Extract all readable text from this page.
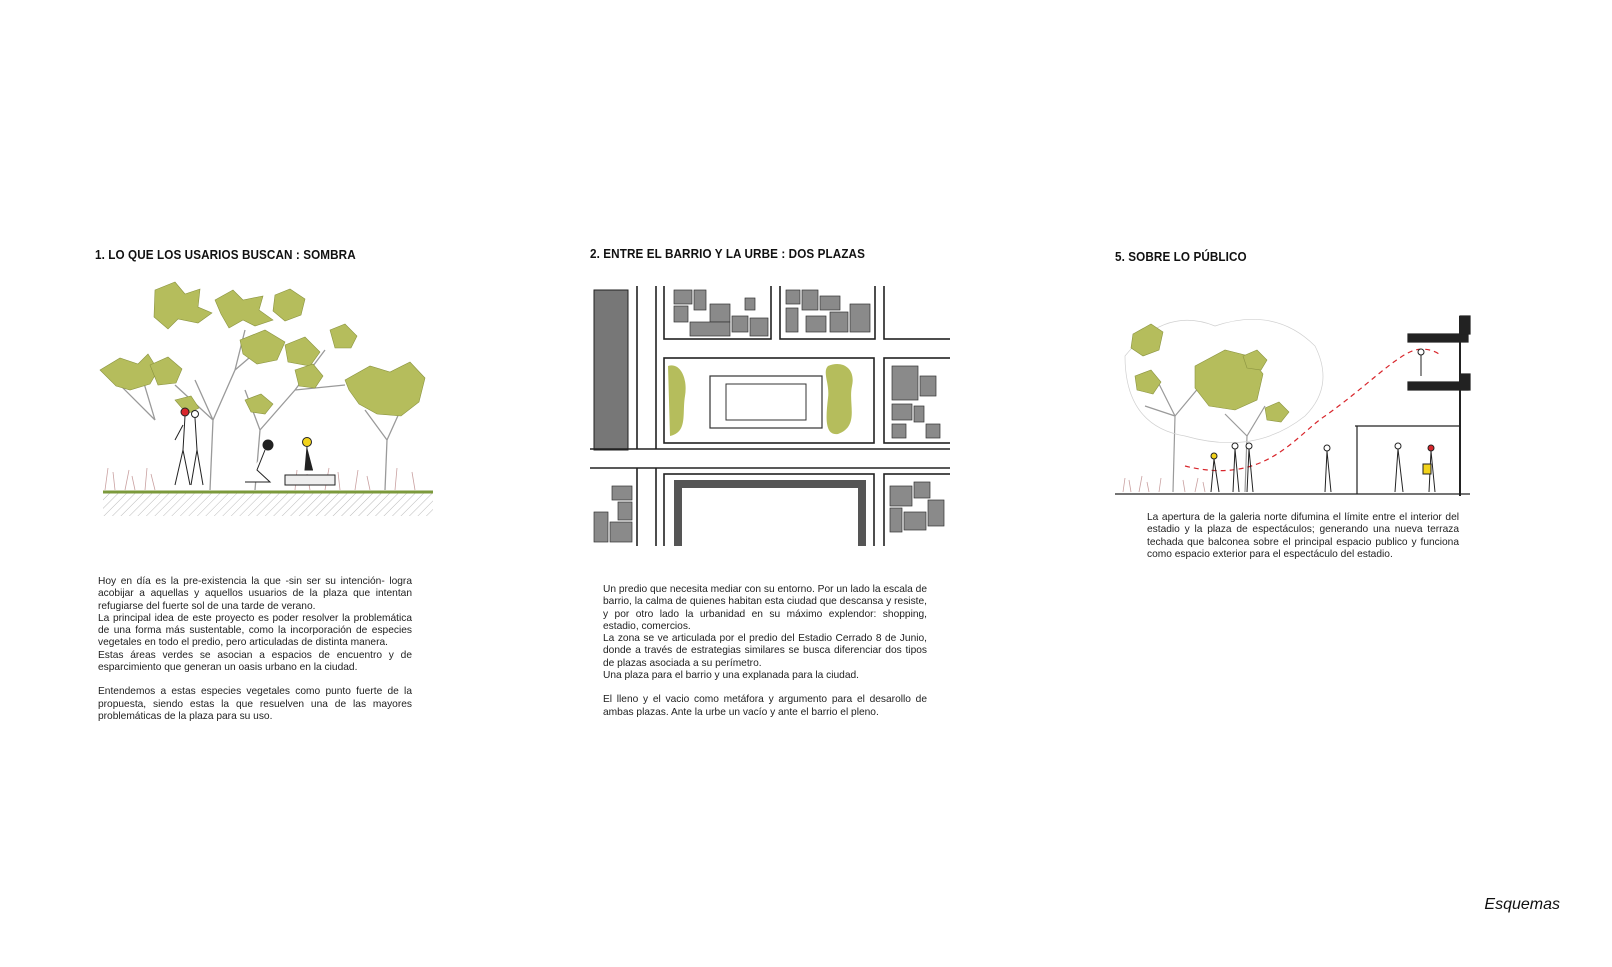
1. LO QUE LOS USARIOS BUSCAN : SOMBRA

Hoy en día es la pre-existencia la que -sin ser su intención- logra acobijar a aquellas y aquellos usuarios de la plaza que intentan refugiarse del fuerte sol de una tarde de verano.
La principal idea de este proyecto es poder resolver la problemática de una forma más sustentable, como la incorporación de especies vegetales en todo el predio, pero articuladas de distinta manera.
Estas áreas verdes se asocian a espacios de encuentro y de esparcimiento que generan un oasis urbano en la ciudad.

Entendemos a estas especies vegetales como punto fuerte de la propuesta, siendo estas la que resuelven una de las mayores problemáticas de la plaza para su uso.

2. ENTRE EL BARRIO Y LA URBE : DOS PLAZAS

Un predio que necesita mediar con su entorno. Por un lado la escala de barrio, la calma de quienes habitan esta ciudad que descansa y resiste, y por otro lado la urbanidad en su máximo explendor: shopping, estadio, comercios.
La zona se ve articulada por el predio del Estadio Cerrado 8 de Junio, donde a través de estrategias similares se busca diferenciar dos tipos de plazas asociada a su perímetro.
Una plaza para el barrio y una explanada para la ciudad.

El lleno y el vacio como metáfora y argumento para el desarollo de ambas plazas. Ante la urbe un vacío y ante el barrio el pleno.

5. SOBRE LO PÚBLICO

La apertura de la galeria norte difumina el límite entre el interior del estadio y la plaza de espectáculos; generando una nueva terraza techada que balconea sobre el principal espacio publico y funciona como espacio exterior para el espectáculo del estadio.

Esquemas
